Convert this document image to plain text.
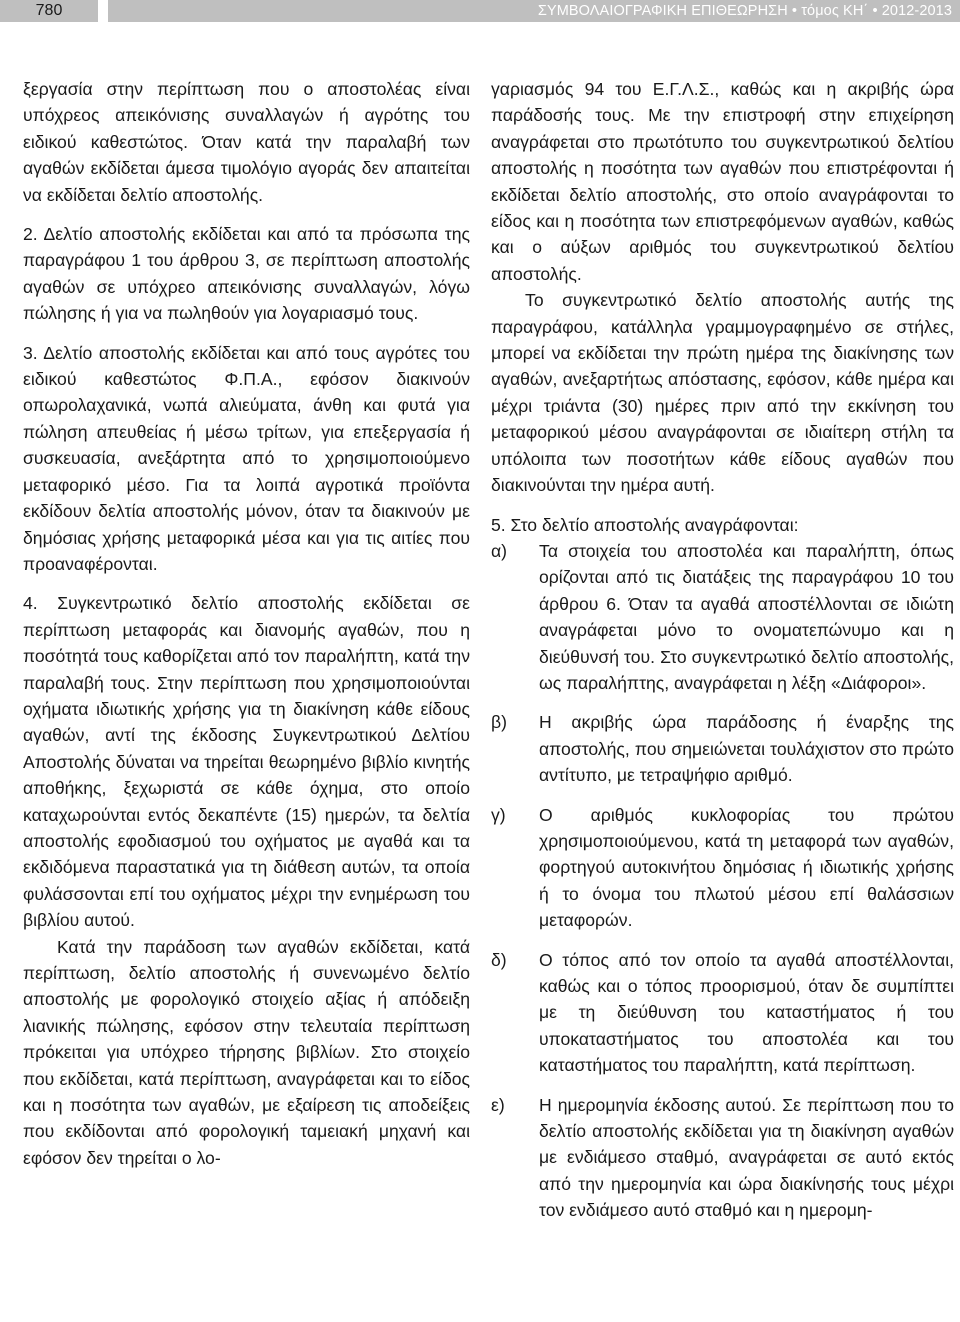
780	ΣΥΜΒΟΛΑΙΟΓΡΑΦΙΚΗ ΕΠΙΘΕΩΡΗΣΗ • τόμος ΚΗ΄ • 2012-2013

ξεργασία στην περίπτωση που ο αποστολέας είναι υπόχρεος απεικόνισης συναλλαγών ή αγρότης του ειδικού καθεστώτος. Όταν κατά την παραλαβή των αγαθών εκδίδεται άμεσα τιμολόγιο αγοράς δεν απαιτείται να εκδίδεται δελτίο αποστολής.

2. Δελτίο αποστολής εκδίδεται και από τα πρόσωπα της παραγράφου 1 του άρθρου 3, σε περίπτωση αποστολής αγαθών σε υπόχρεο απεικόνισης συναλλαγών, λόγω πώλησης ή για να πωληθούν για λογαριασμό τους.

3. Δελτίο αποστολής εκδίδεται και από τους αγρότες του ειδικού καθεστώτος Φ.Π.Α., εφόσον διακινούν οπωρολαχανικά, νωπά αλιεύματα, άνθη και φυτά για πώληση απευθείας ή μέσω τρίτων, για επεξεργασία ή συσκευασία, ανεξάρτητα από το χρησιμοποιούμενο μεταφορικό μέσο. Για τα λοιπά αγροτικά προϊόντα εκδίδουν δελτία αποστολής μόνον, όταν τα διακινούν με δημόσιας χρήσης μεταφορικά μέσα και για τις αιτίες που προαναφέρονται.

4. Συγκεντρωτικό δελτίο αποστολής εκδίδεται σε περίπτωση μεταφοράς και διανομής αγαθών, που η ποσότητά τους καθορίζεται από τον παραλήπτη, κατά την παραλαβή τους. Στην περίπτωση που χρησιμοποιούνται οχήματα ιδιωτικής χρήσης για τη διακίνηση κάθε είδους αγαθών, αντί της έκδοσης Συγκεντρωτικού Δελτίου Αποστολής δύναται να τηρείται θεωρημένο βιβλίο κινητής αποθήκης, ξεχωριστά σε κάθε όχημα, στο οποίο καταχωρούνται εντός δεκαπέντε (15) ημερών, τα δελτία αποστολής εφοδιασμού του οχήματος με αγαθά και τα εκδιδόμενα παραστατικά για τη διάθεση αυτών, τα οποία φυλάσσονται επί του οχήματος μέχρι την ενημέρωση του βιβλίου αυτού.

Κατά την παράδοση των αγαθών εκδίδεται, κατά περίπτωση, δελτίο αποστολής ή συνενωμένο δελτίο αποστολής με φορολογικό στοιχείο αξίας ή απόδειξη λιανικής πώλησης, εφόσον στην τελευταία περίπτωση πρόκειται για υπόχρεο τήρησης βιβλίων. Στο στοιχείο που εκδίδεται, κατά περίπτωση, αναγράφεται και το είδος και η ποσότητα των αγαθών, με εξαίρεση τις αποδείξεις που εκδίδονται από φορολογική ταμειακή μηχανή και εφόσον δεν τηρείται ο λο-

γαριασμός 94 του Ε.Γ.Λ.Σ., καθώς και η ακριβής ώρα παράδοσής τους. Με την επιστροφή στην επιχείρηση αναγράφεται στο πρωτότυπο του συγκεντρωτικού δελτίου αποστολής η ποσότητα των αγαθών που επιστρέφονται ή εκδίδεται δελτίο αποστολής, στο οποίο αναγράφονται το είδος και η ποσότητα των επιστρεφόμενων αγαθών, καθώς και ο αύξων αριθμός του συγκεντρωτικού δελτίου αποστολής.

Το συγκεντρωτικό δελτίο αποστολής αυτής της παραγράφου, κατάλληλα γραμμογραφημένο σε στήλες, μπορεί να εκδίδεται την πρώτη ημέρα της διακίνησης των αγαθών, ανεξαρτήτως απόστασης, εφόσον, κάθε ημέρα και μέχρι τριάντα (30) ημέρες πριν από την εκκίνηση του μεταφορικού μέσου αναγράφονται σε ιδιαίτερη στήλη τα υπόλοιπα των ποσοτήτων κάθε είδους αγαθών που διακινούνται την ημέρα αυτή.

5. Στο δελτίο αποστολής αναγράφονται:

α)	Τα στοιχεία του αποστολέα και παραλήπτη, όπως ορίζονται από τις διατάξεις της παραγράφου 10 του άρθρου 6. Όταν τα αγαθά αποστέλλονται σε ιδιώτη αναγράφεται μόνο το ονοματεπώνυμο και η διεύθυνσή του. Στο συγκεντρωτικό δελτίο αποστολής, ως παραλήπτης, αναγράφεται η λέξη «Διάφοροι».
β)	Η ακριβής ώρα παράδοσης ή έναρξης της αποστολής, που σημειώνεται τουλάχιστον στο πρώτο αντίτυπο, με τετραψήφιο αριθμό.
γ)	Ο αριθμός κυκλοφορίας του πρώτου χρησιμοποιούμενου, κατά τη μεταφορά των αγαθών, φορτηγού αυτοκινήτου δημόσιας ή ιδιωτικής χρήσης ή το όνομα του πλωτού μέσου επί θαλάσσιων μεταφορών.
δ)	Ο τόπος από τον οποίο τα αγαθά αποστέλλονται, καθώς και ο τόπος προορισμού, όταν δε συμπίπτει με τη διεύθυνση του καταστήματος ή του υποκαταστήματος του αποστολέα και του καταστήματος του παραλήπτη, κατά περίπτωση.
ε)	Η ημερομηνία έκδοσης αυτού. Σε περίπτωση που το δελτίο αποστολής εκδίδεται για τη διακίνηση αγαθών με ενδιάμεσο σταθμό, αναγράφεται σε αυτό εκτός από την ημερομηνία και ώρα διακίνησής τους μέχρι τον ενδιάμεσο αυτό σταθμό και η ημερομη-
